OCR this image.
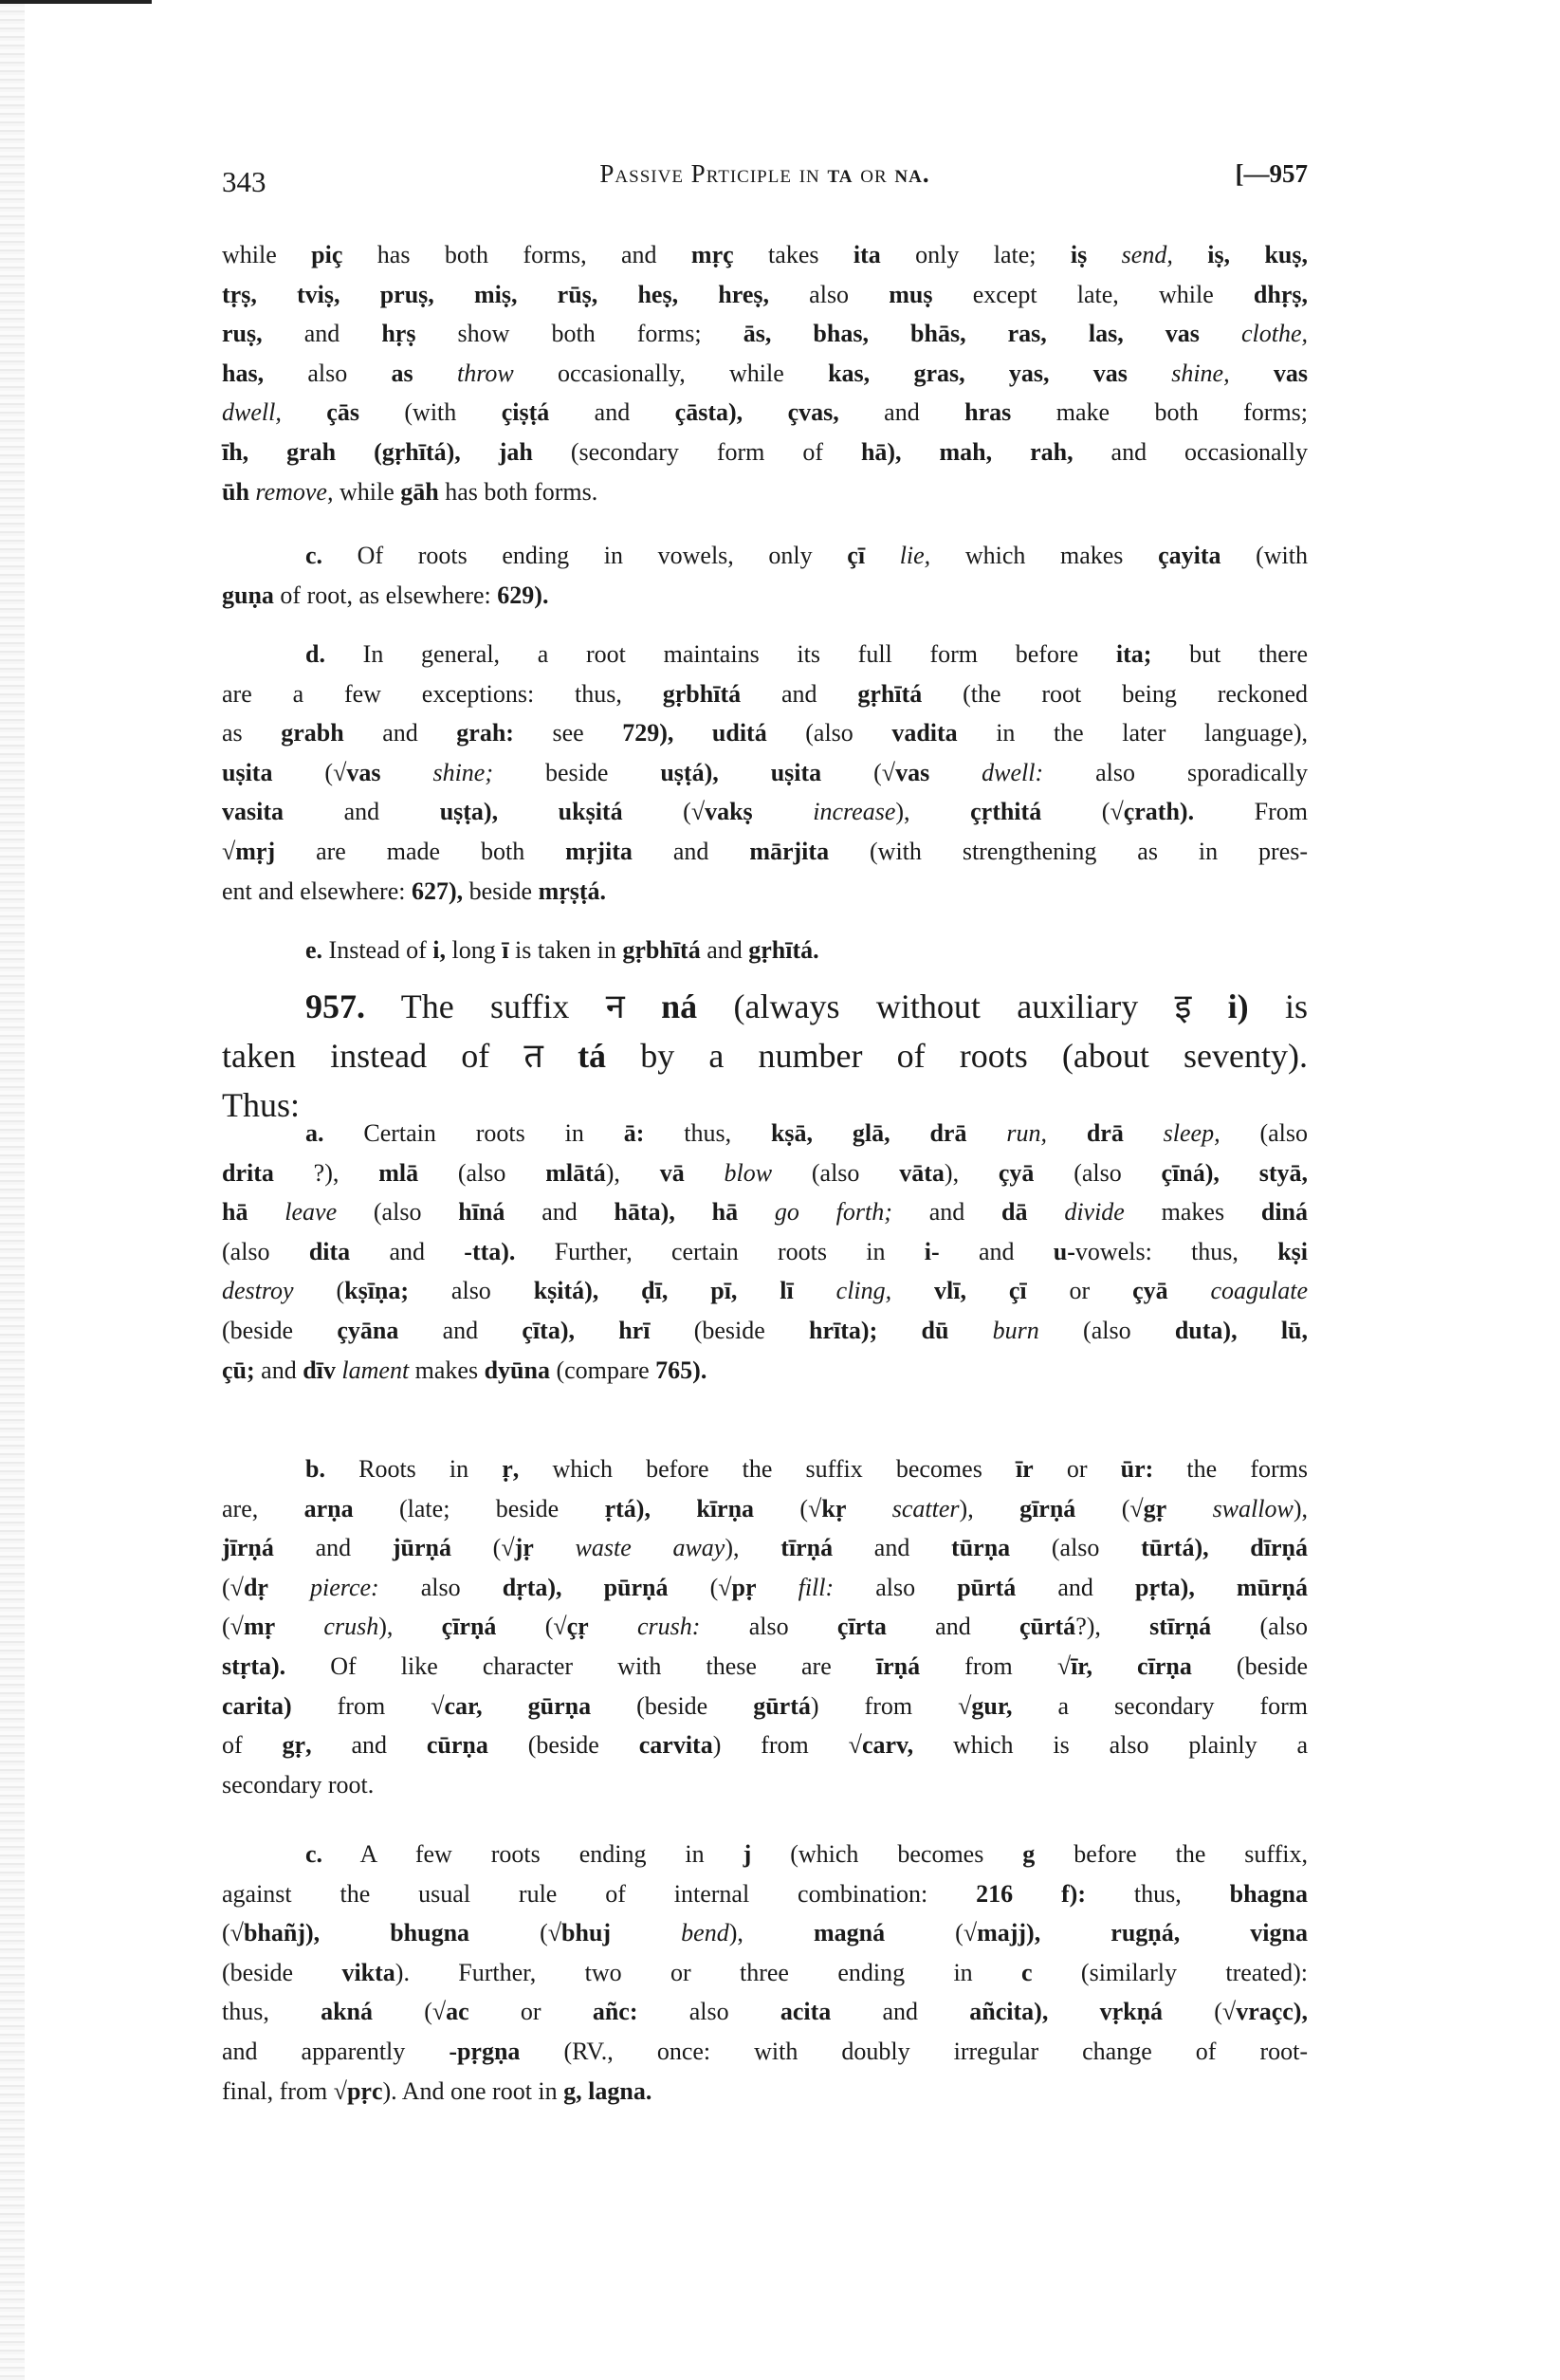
343	Passive Prticiple in ta or na.	[—957
while piç has both forms, and mṛç takes ita only late; iṣ send, iṣ, kuṣ,
tṛṣ, tviṣ, pruṣ, miṣ, rūṣ, heṣ, hreṣ, also muṣ except late, while dhṛṣ,
ruṣ, and hṛṣ show both forms; ās, bhas, bhās, ras, las, vas clothe,
has, also as throw occasionally, while kas, gras, yas, vas shine, vas
dwell, çās (with çiṣṭá and çāsta), çvas, and hras make both forms;
īh, grah (gṛhītá), jah (secondary form of hā), mah, rah, and occasionally
ūh remove, while gāh has both forms.
c. Of roots ending in vowels, only çī lie, which makes çayita (with
guṇa of root, as elsewhere: 629).
d. In general, a root maintains its full form before ita; but there
are a few exceptions: thus, gṛbhītá and gṛhītá (the root being reckoned
as grabh and grah: see 729), uditá (also vadita in the later language),
uṣita (√vas shine; beside uṣṭá), uṣita (√vas dwell: also sporadically
vasita and uṣṭa), ukṣitá (√vakṣ increase), çṛthitá (√çrath). From
√mṛj are made both mṛjita and mārjita (with strengthening as in pres-
ent and elsewhere: 627), beside mṛṣṭá.
e. Instead of i, long ī is taken in gṛbhītá and gṛhītá.
957. The suffix न ná (always without auxiliary इ i) is
taken instead of त tá by a number of roots (about seventy).
Thus:
a. Certain roots in ā: thus, kṣā, glā, drā run, drā sleep, (also
drita ?), mlā (also mlātá), vā blow (also vāta), çyā (also çīná), styā,
hā leave (also hīná and hāta), hā go forth; and dā divide makes diná
(also dita and -tta). Further, certain roots in i- and u-vowels: thus, kṣi
destroy (kṣīṇa; also kṣitá), ḍī, pī, lī cling, vlī, çī or çyā coagulate
(beside çyāna and çīta), hrī (beside hrīta); dū burn (also duta), lū,
çū; and dīv lament makes dyūna (compare 765).
b. Roots in ṛ, which before the suffix becomes īr or ūr: the forms
are, arṇa (late; beside ṛtá), kīrṇa (√kṛ scatter), gīrṇá (√gṛ swallow),
jīrṇá and jūrṇá (√jṛ waste away), tīrṇá and tūrṇa (also tūrtá), dīrṇá
(√dṛ pierce: also dṛta), pūrṇá (√pṛ fill: also pūrtá and pṛta), mūrṇá
(√mṛ crush), çīrṇá (√çṛ crush: also çīrta and çūrtá?), stīrṇá (also
stṛta). Of like character with these are īrṇá from √īr, cīrṇa (beside
carita) from √car, gūrṇa (beside gūrtá) from √gur, a secondary form
of gṛ, and cūrṇa (beside carvita) from √carv, which is also plainly a
secondary root.
c. A few roots ending in j (which becomes g before the suffix,
against the usual rule of internal combination: 216 f): thus, bhagna
(√bhañj), bhugna (√bhuj	bend), magná (√majj), rugṇá, vigna
(beside vikta). Further, two or three ending in c (similarly treated):
thus, akná (√ac or añc: also acita and añcita), vṛkṇá (√vraçc),
and apparently -pṛgṇa (RV., once: with doubly irregular change of root-
final, from √pṛc). And one root in g, lagna.
